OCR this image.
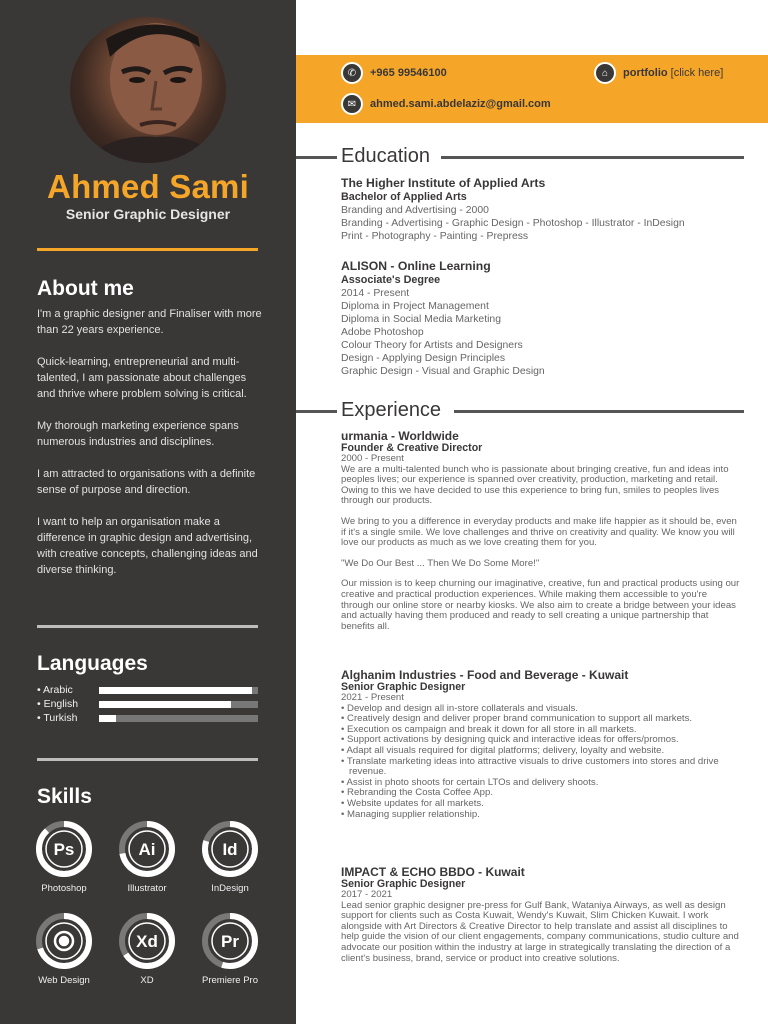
Ahmed Sami
Senior Graphic Designer
About me

I'm a graphic designer and Finaliser with more than 22 years experience.

Quick-learning, entrepreneurial and multi-talented, I am passionate about challenges and thrive where problem solving is critical.

My thorough marketing experience spans numerous industries and disciplines.

I am attracted to organisations with a definite sense of purpose and direction.

I want to help an organisation make a difference in graphic design and advertising, with creative concepts, challenging ideas and diverse thinking.

Languages
• Arabic
• English
• Turkish
Skills
Ps
Photoshop
Ai
Illustrator
Id
InDesign
Web Design
Xd
XD
Pr
Premiere Pro
✆	+965 99546100
✉	ahmed.sami.abdelaziz@gmail.com
⌂	portfolio
[click here]
Education
The Higher Institute of Applied Arts
Bachelor of Applied Arts
Branding and Advertising - 2000
Branding - Advertising - Graphic Design - Photoshop - Illustrator - InDesign
Print - Photography - Painting - Prepress
ALISON - Online Learning
Associate's Degree
2014 - Present
Diploma in Project Management
Diploma in Social Media Marketing
Adobe Photoshop
Colour Theory for Artists and Designers
Design - Applying Design Principles
Graphic Design - Visual and Graphic Design
Experience
urmania - Worldwide
Founder & Creative Director
2000 - Present

We are a multi-talented bunch who is passionate about bringing creative, fun and ideas into peoples lives; our experience is spanned over creativity, production, marketing and retail. Owing to this we have decided to use this experience to bring fun, smiles to peoples lives through our products.

We bring to you a difference in everyday products and make life happier as it should be, even if it's a single smile. We love challenges and thrive on creativity and quality. We know you will love our products as much as we love creating them for you.

"We Do Our Best ... Then We Do Some More!"

Our mission is to keep churning our imaginative, creative, fun and practical products using our creative and practical production experiences. While making them accessible to you're through our online store or nearby kiosks. We also aim to create a bridge between your ideas and actually having them produced and ready to sell creating a unique partnership that benefits all.

Alghanim Industries - Food and Beverage - Kuwait
Senior Graphic Designer
2021 - Present
• Develop and design all in-store collaterals and visuals.
• Creatively design and deliver proper brand communication to support all markets.
• Execution os campaign and break it down for all store in all markets.
• Support activations by designing quick and interactive ideas for offers/promos.
• Adapt all visuals required for digital platforms; delivery, loyalty and website.
• Translate marketing ideas into attractive visuals to drive customers into stores and drive revenue.
• Assist in photo shoots for certain LTOs and delivery shoots.
• Rebranding the Costa Coffee App.
• Website updates for all markets.
• Managing supplier relationship.
IMPACT & ECHO BBDO - Kuwait
Senior Graphic Designer
2017 - 2021

Lead senior graphic designer pre-press for Gulf Bank, Wataniya Airways, as well as design support for clients such as Costa Kuwait, Wendy's Kuwait, Slim Chicken Kuwait. I work alongside with Art Directors & Creative Director to help translate and assist all disciplines to help guide the vision of our client engagements, company communications, studio culture and advocate our position within the industry at large in strategically translating the direction of a client's business, brand, service or product into creative solutions.
